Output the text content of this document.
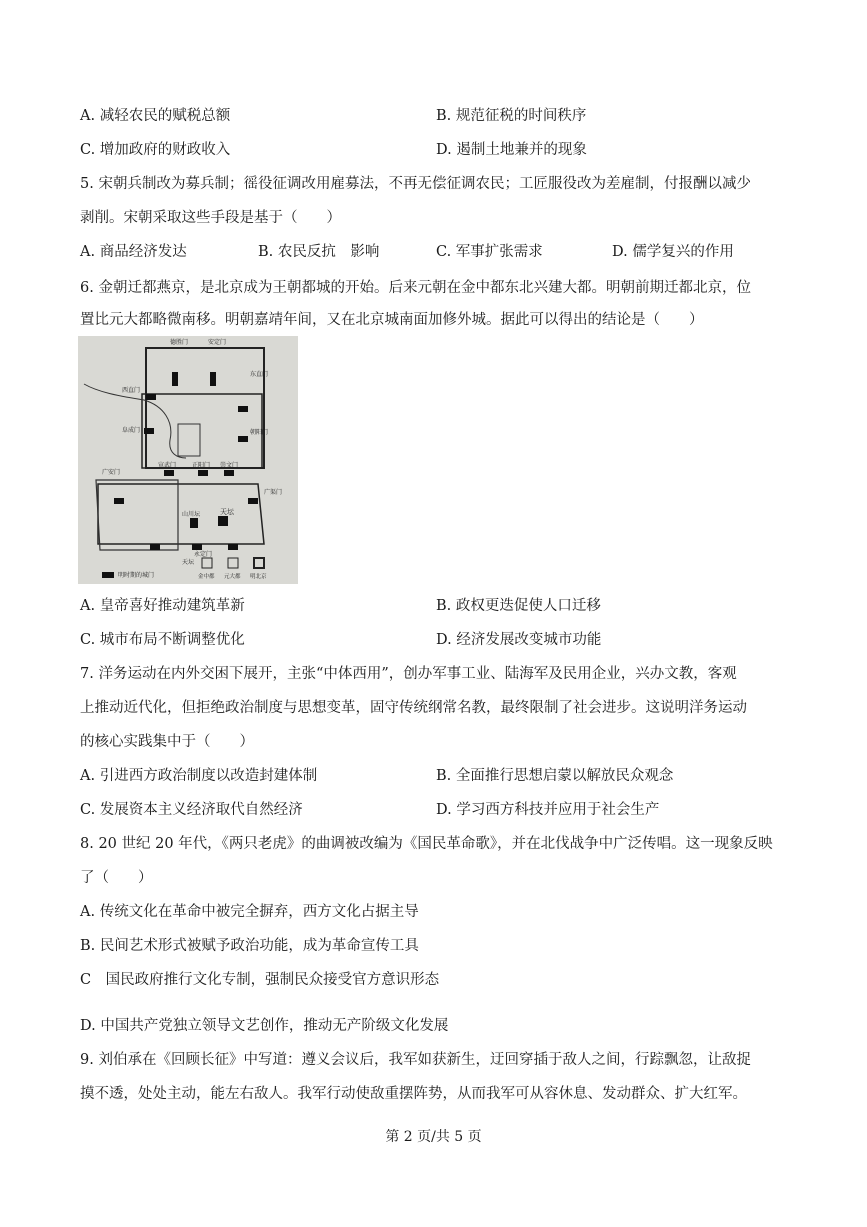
A. 减轻农民的赋税总额	B. 规范征税的时间秩序
C. 增加政府的财政收入	D. 遏制土地兼并的现象
5. 宋朝兵制改为募兵制；徭役征调改用雇募法，不再无偿征调农民；工匠服役改为差雇制，付报酬以减少
剥削。宋朝采取这些手段是基于（　　）
A. 商品经济发达	B. 农民反抗　影响	C. 军事扩张需求	D. 儒学复兴的作用
6. 金朝迁都燕京，是北京成为王朝都城的开始。后来元朝在金中都东北兴建大都。明朝前期迁都北京，位
置比元大都略微南移。明朝嘉靖年间，又在北京城南面加修外城。据此可以得出的结论是（　　）
德胜门	安定门
西直门
东直门
阜成门	朝阳门
宣武门	正阳门 崇文门
广安门
广渠门
永定门
山川坛	天坛
天坛
明时期的城门	金中都 元大都 明北京
A. 皇帝喜好推动建筑革新	B. 政权更迭促使人口迁移
C. 城市布局不断调整优化	D. 经济发展改变城市功能
7. 洋务运动在内外交困下展开，主张“中体西用”，创办军事工业、陆海军及民用企业，兴办文教，客观
上推动近代化，但拒绝政治制度与思想变革，固守传统纲常名教，最终限制了社会进步。这说明洋务运动
的核心实践集中于（　　）
A. 引进西方政治制度以改造封建体制	B. 全面推行思想启蒙以解放民众观念
C. 发展资本主义经济取代自然经济	D. 学习西方科技并应用于社会生产
8. 20 世纪 20 年代，《两只老虎》的曲调被改编为《国民革命歌》，并在北伐战争中广泛传唱。这一现象反映
了（　　）
A. 传统文化在革命中被完全摒弃，西方文化占据主导
B. 民间艺术形式被赋予政治功能，成为革命宣传工具
C　国民政府推行文化专制，强制民众接受官方意识形态
D. 中国共产党独立领导文艺创作，推动无产阶级文化发展
9. 刘伯承在《回顾长征》中写道：遵义会议后，我军如获新生，迂回穿插于敌人之间，行踪飘忽，让敌捉
摸不透，处处主动，能左右敌人。我军行动使敌重摆阵势，从而我军可从容休息、发动群众、扩大红军。
第 2 页/共 5 页
